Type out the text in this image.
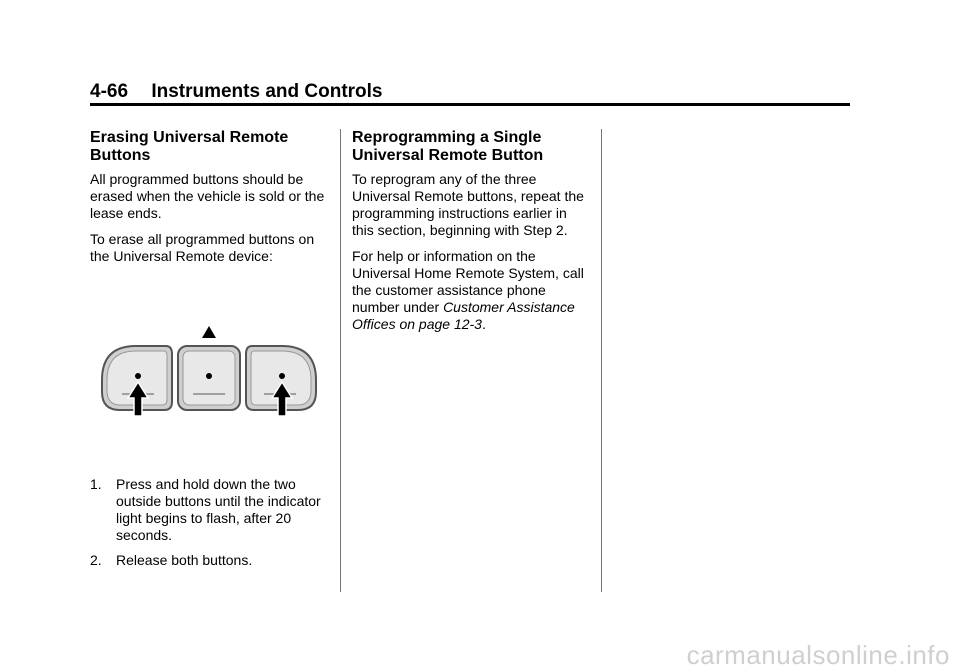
4-66 Instruments and Controls
Erasing Universal Remote Buttons

All programmed buttons should be erased when the vehicle is sold or the lease ends.

To erase all programmed buttons on the Universal Remote device:

1. Press and hold down the two outside buttons until the indicator light begins to flash, after 20 seconds.
2. Release both buttons.
Reprogramming a Single Universal Remote Button

To reprogram any of the three Universal Remote buttons, repeat the programming instructions earlier in this section, beginning with Step 2.

For help or information on the Universal Home Remote System, call the customer assistance phone number under Customer Assistance Offices on page 12-3.

carmanualsonline.info
